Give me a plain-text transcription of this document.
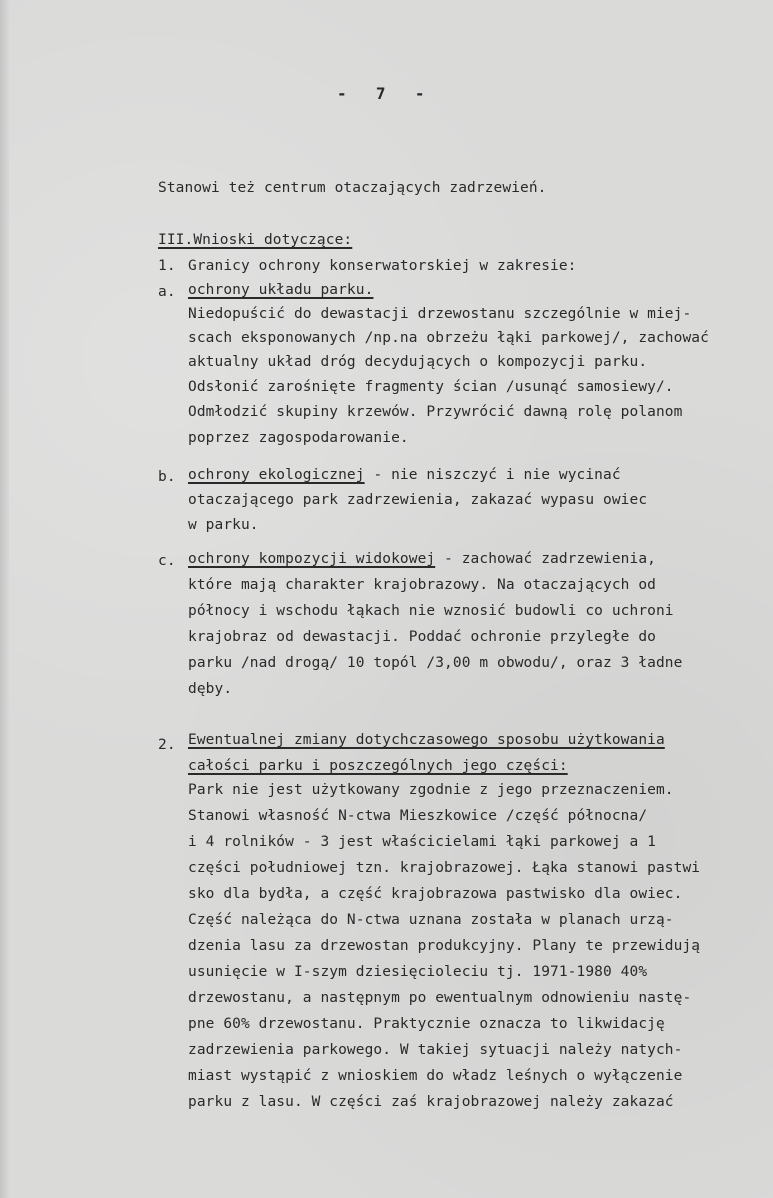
-   7   -
Stanowi też centrum otaczających zadrzewień.
III.Wnioski dotyczące:
1. Granicy ochrony konserwatorskiej w zakresie:
a. ochrony układu parku.
Niedopuścić do dewastacji drzewostanu szczególnie w miej-
scach eksponowanych /np.na obrzeżu łąki parkowej/, zachować
aktualny układ dróg decydujących o kompozycji parku.
Odsłonić zarośnięte fragmenty ścian /usunąć samosiewy/.
Odmłodzić skupiny krzewów. Przywrócić dawną rolę polanom
poprzez zagospodarowanie.
b. ochrony ekologicznej - nie niszczyć i nie wycinać
otaczającego park zadrzewienia, zakazać wypasu owiec
w parku.
c. ochrony kompozycji widokowej - zachować zadrzewienia,
które mają charakter krajobrazowy. Na otaczających od
północy i wschodu łąkach nie wznosić budowli co uchroni
krajobraz od dewastacji. Poddać ochronie przyległe do
parku /nad drogą/ 10 topól /3,00 m obwodu/, oraz 3 ładne
dęby.
2. Ewentualnej zmiany dotychczasowego sposobu użytkowania
całości parku i poszczególnych jego części:
Park nie jest użytkowany zgodnie z jego przeznaczeniem.
Stanowi własność N-ctwa Mieszkowice /część północna/
i 4 rolników - 3 jest właścicielami łąki parkowej a 1
części południowej tzn. krajobrazowej. Łąka stanowi pastwi
sko dla bydła, a część krajobrazowa pastwisko dla owiec.
Część należąca do N-ctwa uznana została w planach urzą-
dzenia lasu za drzewostan produkcyjny. Plany te przewidują
usunięcie w I-szym dziesięcioleciu tj. 1971-1980 40%
drzewostanu, a następnym po ewentualnym odnowieniu nastę-
pne 60% drzewostanu. Praktycznie oznacza to likwidację
zadrzewienia parkowego. W takiej sytuacji należy natych-
miast wystąpić z wnioskiem do władz leśnych o wyłączenie
parku z lasu. W części zaś krajobrazowej należy zakazać
